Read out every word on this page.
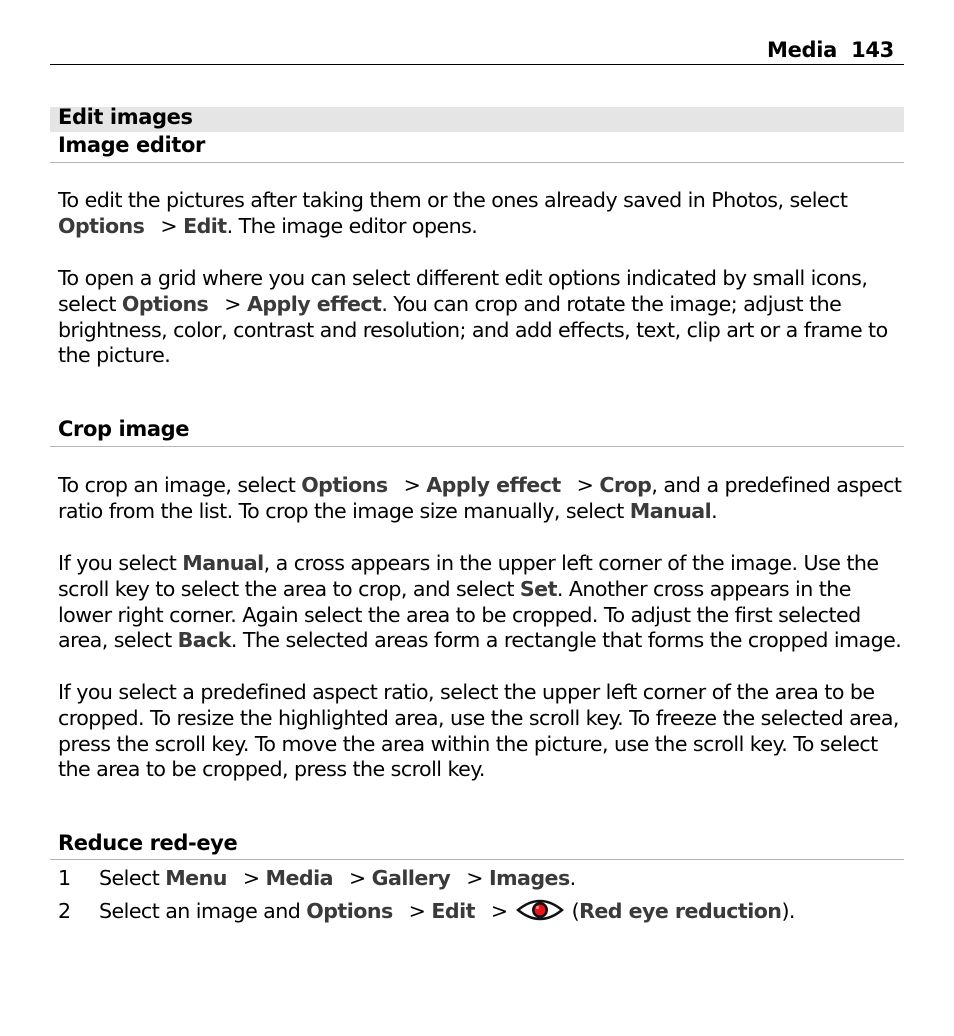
Media 143
Edit images
Image editor
To edit the pictures after taking them or the ones already saved in Photos, select
Options > Edit. The image editor opens.
To open a grid where you can select different edit options indicated by small icons, select Options > Apply effect. You can crop and rotate the image; adjust the brightness, color, contrast and resolution; and add effects, text, clip art or a frame to the picture.
Crop image
To crop an image, select Options > Apply effect > Crop, and a predefined aspect ratio from the list. To crop the image size manually, select Manual.
If you select Manual, a cross appears in the upper left corner of the image. Use the scroll key to select the area to crop, and select Set. Another cross appears in the lower right corner. Again select the area to be cropped. To adjust the first selected area, select Back. The selected areas form a rectangle that forms the cropped image.
If you select a predefined aspect ratio, select the upper left corner of the area to be cropped. To resize the highlighted area, use the scroll key. To freeze the selected area, press the scroll key. To move the area within the picture, use the scroll key. To select the area to be cropped, press the scroll key.
Reduce red-eye
1 Select Menu > Media > Gallery > Images.
2 Select an image and Options > Edit >	(Red eye reduction).
